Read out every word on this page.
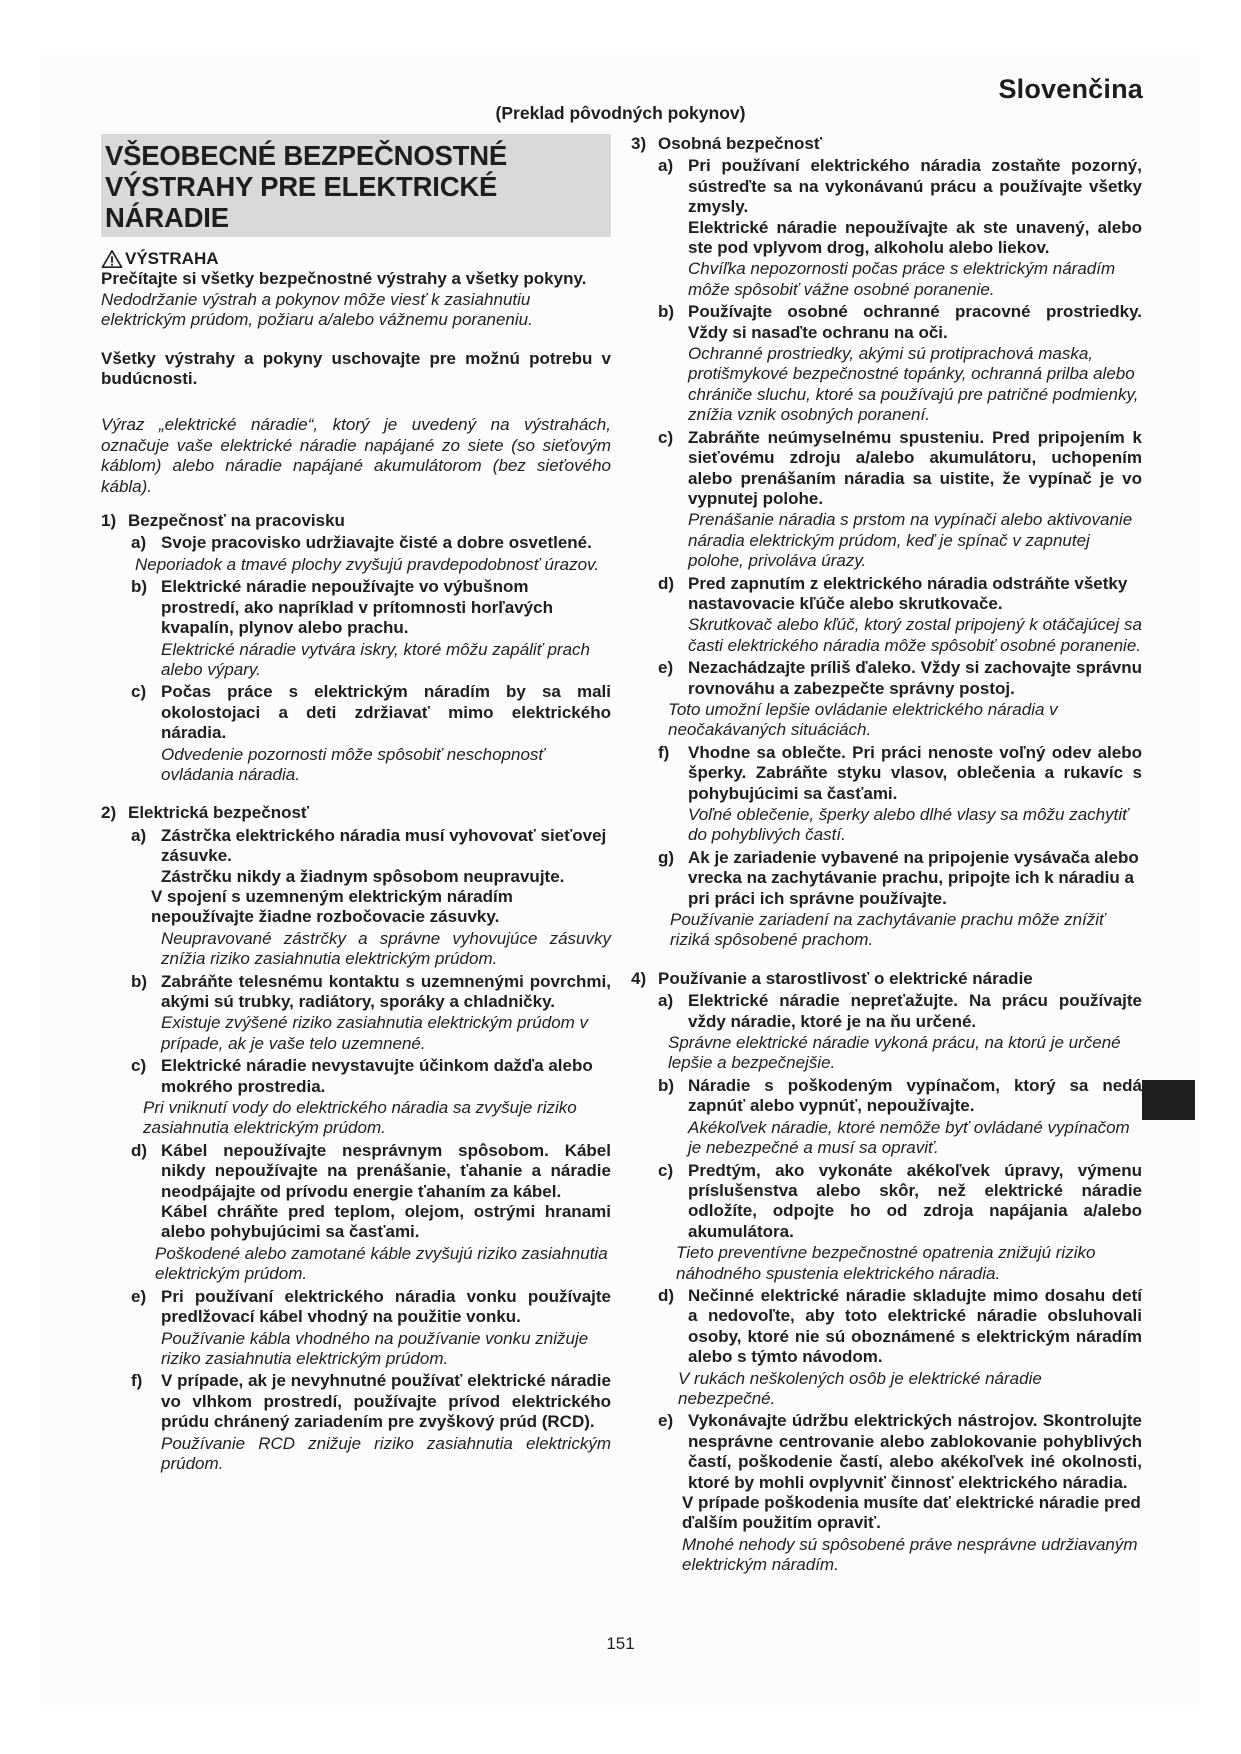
Slovenčina
(Preklad pôvodných pokynov)
VŠEOBECNÉ BEZPEČNOSTNÉ VÝSTRAHY PRE ELEKTRICKÉ NÁRADIE
VÝSTRAHA

Prečítajte si všetky bezpečnostné výstrahy a všetky pokyny.

Nedodržanie výstrah a pokynov môže viesť k zasiahnutiu elektrickým prúdom, požiaru a/alebo vážnemu poraneniu.

Všetky výstrahy a pokyny uschovajte pre možnú potrebu v budúcnosti.

Výraz „elektrické náradie“, ktorý je uvedený na výstrahách, označuje vaše elektrické náradie napájané zo siete (so sieťovým káblom) alebo náradie napájané akumulátorom (bez sieťového kábla).

1) Bezpečnosť na pracovisku
a) Svoje pracovisko udržiavajte čisté a dobre osvetlené.

Neporiadok a tmavé plochy zvyšujú pravdepodobnosť úrazov.

b) Elektrické náradie nepoužívajte vo výbušnom prostredí, ako napríklad v prítomnosti horľavých kvapalín, plynov alebo prachu.

Elektrické náradie vytvára iskry, ktoré môžu zapáliť prach alebo výpary.

c) Počas práce s elektrickým náradím by sa mali okolostojaci a deti zdržiavať mimo elektrického náradia.

Odvedenie pozornosti môže spôsobiť neschopnosť ovládania náradia.

2) Elektrická bezpečnosť
a) Zástrčka elektrického náradia musí vyhovovať sieťovej zásuvke.

Zástrčku nikdy a žiadnym spôsobom neupravujte.

V spojení s uzemneným elektrickým náradím nepoužívajte žiadne rozbočovacie zásuvky.

Neupravované zástrčky a správne vyhovujúce zásuvky znížia riziko zasiahnutia elektrickým prúdom.

b) Zabráňte telesnému kontaktu s uzemnenými povrchmi, akými sú trubky, radiátory, sporáky a chladničky.

Existuje zvýšené riziko zasiahnutia elektrickým prúdom v prípade, ak je vaše telo uzemnené.

c) Elektrické náradie nevystavujte účinkom dažďa alebo mokrého prostredia.

Pri vniknutí vody do elektrického náradia sa zvyšuje riziko zasiahnutia elektrickým prúdom.

d) Kábel nepoužívajte nesprávnym spôsobom. Kábel nikdy nepoužívajte na prenášanie, ťahanie a náradie neodpájajte od prívodu energie ťahaním za kábel.

Kábel chráňte pred teplom, olejom, ostrými hranami alebo pohybujúcimi sa časťami.

Poškodené alebo zamotané káble zvyšujú riziko zasiahnutia elektrickým prúdom.

e) Pri používaní elektrického náradia vonku používajte predlžovací kábel vhodný na použitie vonku.

Používanie kábla vhodného na používanie vonku znižuje riziko zasiahnutia elektrickým prúdom.

f)	V prípade, ak je nevyhnutné používať elektrické náradie vo vlhkom prostredí, používajte prívod elektrického prúdu chránený zariadením pre zvyškový prúd (RCD).

Používanie RCD znižuje riziko zasiahnutia elektrickým prúdom.

3) Osobná bezpečnosť
a) Pri používaní elektrického náradia zostaňte pozorný, sústreďte sa na vykonávanú prácu a používajte všetky zmysly.

Elektrické náradie nepoužívajte ak ste unavený, alebo ste pod vplyvom drog, alkoholu alebo liekov.

Chvíľka nepozornosti počas práce s elektrickým náradím môže spôsobiť vážne osobné poranenie.

b) Používajte osobné ochranné pracovné prostriedky. Vždy si nasaďte ochranu na oči.

Ochranné prostriedky, akými sú protiprachová maska, protišmykové bezpečnostné topánky, ochranná prilba alebo chrániče sluchu, ktoré sa používajú pre patričné podmienky, znížia vznik osobných poranení.

c) Zabráňte neúmyselnému spusteniu. Pred pripojením k sieťovému zdroju a/alebo akumulátoru, uchopením alebo prenášaním náradia sa uistite, že vypínač je vo vypnutej polohe.

Prenášanie náradia s prstom na vypínači alebo aktivovanie náradia elektrickým prúdom, keď je spínač v zapnutej polohe, privoláva úrazy.

d) Pred zapnutím z elektrického náradia odstráňte všetky nastavovacie kľúče alebo skrutkovače.

Skrutkovač alebo kľúč, ktorý zostal pripojený k otáčajúcej sa časti elektrického náradia môže spôsobiť osobné poranenie.

e) Nezachádzajte príliš ďaleko. Vždy si zachovajte správnu rovnováhu a zabezpečte správny postoj.

Toto umožní lepšie ovládanie elektrického náradia v neočakávaných situáciách.

f)	Vhodne sa oblečte. Pri práci nenoste voľný odev alebo šperky. Zabráňte styku vlasov, oblečenia a rukavíc s pohybujúcimi sa časťami.

Voľné oblečenie, šperky alebo dlhé vlasy sa môžu zachytiť do pohyblivých častí.

g) Ak je zariadenie vybavené na pripojenie vysávača alebo vrecka na zachytávanie prachu, pripojte ich k náradiu a pri práci ich správne používajte.

Používanie zariadení na zachytávanie prachu môže znížiť riziká spôsobené prachom.

4) Používanie a starostlivosť o elektrické náradie
a) Elektrické náradie nepreťažujte. Na prácu používajte vždy náradie, ktoré je na ňu určené.

Správne elektrické náradie vykoná prácu, na ktorú je určené lepšie a bezpečnejšie.

b) Náradie s poškodeným vypínačom, ktorý sa nedá zapnúť alebo vypnúť, nepoužívajte.

Akékoľvek náradie, ktoré nemôže byť ovládané vypínačom je nebezpečné a musí sa opraviť.

c) Predtým, ako vykonáte akékoľvek úpravy, výmenu príslušenstva alebo skôr, než elektrické náradie odložíte, odpojte ho od zdroja napájania a/alebo akumulátora.

Tieto preventívne bezpečnostné opatrenia znižujú riziko náhodného spustenia elektrického náradia.

d) Nečinné elektrické náradie skladujte mimo dosahu detí a nedovoľte, aby toto elektrické náradie obsluhovali osoby, ktoré nie sú oboznámené s elektrickým náradím alebo s týmto návodom.

V rukách neškolených osôb je elektrické náradie nebezpečné.

e) Vykonávajte údržbu elektrických nástrojov. Skontrolujte nesprávne centrovanie alebo zablokovanie pohyblivých častí, poškodenie častí, alebo akékoľvek iné okolnosti, ktoré by mohli ovplyvniť činnosť elektrického náradia.

V prípade poškodenia musíte dať elektrické náradie pred ďalším použitím opraviť.

Mnohé nehody sú spôsobené práve nesprávne udržiavaným elektrickým náradím.

151
